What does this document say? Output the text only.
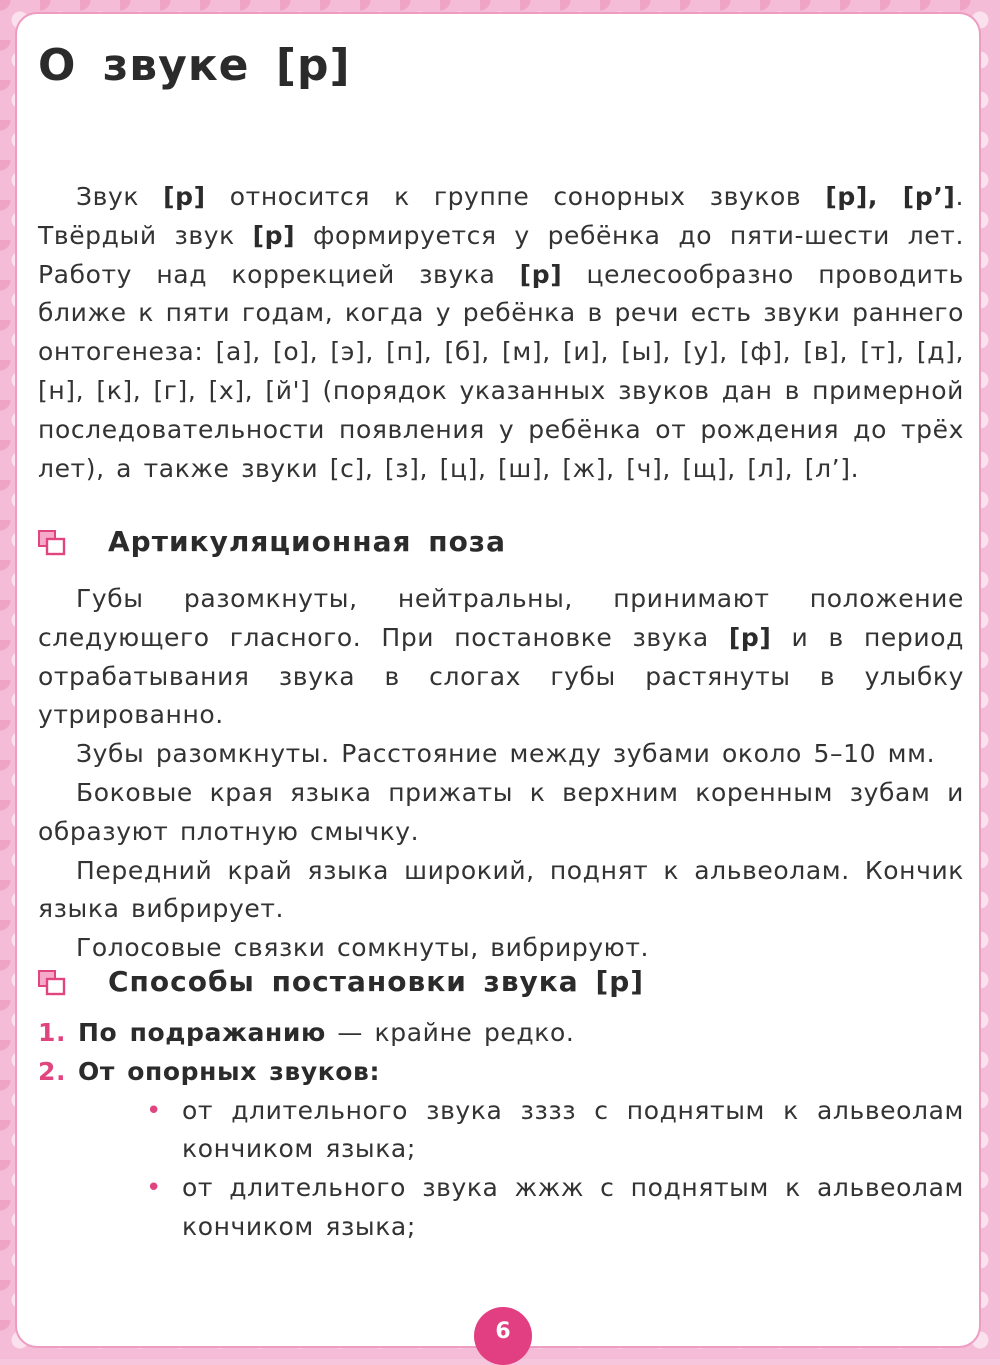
О звуке [р]

Звук [р] относится к группе сонорных звуков [р], [р’]. Твёрдый звук [р] формируется у ребёнка до пяти-шести лет. Работу над коррекцией звука [р] целесообразно проводить ближе к пяти годам, когда у ребёнка в речи есть звуки раннего онтогенеза: [а], [о], [э], [п], [б], [м], [и], [ы], [у], [ф], [в], [т], [д], [н], [к], [г], [х], [й'] (порядок указанных звуков дан в примерной последовательности появления у ребёнка от рождения до трёх лет), а также звуки [с], [з], [ц], [ш], [ж], [ч], [щ], [л], [л’].

Артикуляционная поза

Губы разомкнуты, нейтральны, принимают положение следующего гласного. При постановке звука [р] и в период отрабатывания звука в слогах губы растянуты в улыбку утрированно.

Зубы разомкнуты. Расстояние между зубами около 5–10 мм.

Боковые края языка прижаты к верхним коренным зубам и образуют плотную смычку.

Передний край языка широкий, поднят к альвеолам. Кончик языка вибрирует.

Голосовые связки сомкнуты, вибрируют.

Способы постановки звука [р]
1. По подражанию — крайне редко.
2. От опорных звуков:
• от длительного звука зззз с поднятым к альвеолам кончиком языка;
• от длительного звука жжж с поднятым к альвеолам кончиком языка;
6
